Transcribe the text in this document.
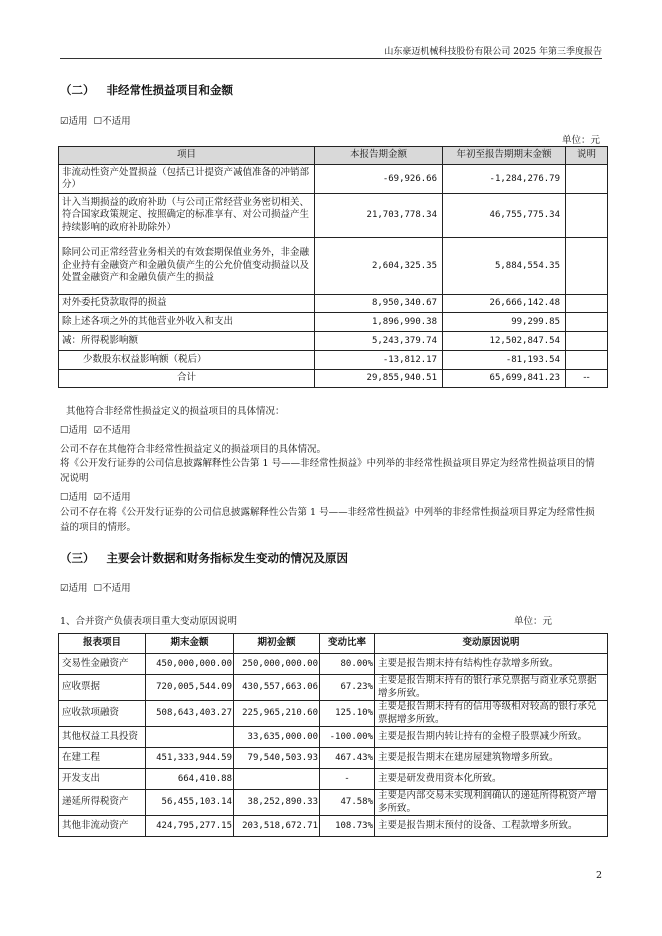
山东豪迈机械科技股份有限公司 2025 年第三季度报告
（二） 非经常性损益项目和金额
☑适用 ☐不适用
单位：元
项目	本报告期金额	年初至报告期期末金额	说明
非流动性资产处置损益（包括已计提资产减值准备的冲销部分）	-69,926.66	-1,284,276.79	
计入当期损益的政府补助（与公司正常经营业务密切相关、符合国家政策规定、按照确定的标准享有、对公司损益产生持续影响的政府补助除外）	21,703,778.34	46,755,775.34	
除同公司正常经营业务相关的有效套期保值业务外，非金融企业持有金融资产和金融负债产生的公允价值变动损益以及处置金融资产和金融负债产生的损益	2,604,325.35	5,884,554.35	
对外委托贷款取得的损益	8,950,340.67	26,666,142.48	
除上述各项之外的其他营业外收入和支出	1,896,990.38	99,299.85	
减：所得税影响额	5,243,379.74	12,502,847.54	
少数股东权益影响额（税后）	-13,812.17	-81,193.54	
合计	29,855,940.51	65,699,841.23	--
其他符合非经常性损益定义的损益项目的具体情况：
☐适用 ☑不适用
公司不存在其他符合非经常性损益定义的损益项目的具体情况。
将《公开发行证券的公司信息披露解释性公告第 1 号——非经常性损益》中列举的非经常性损益项目界定为经常性损益项目的情况说明
☐适用 ☑不适用
公司不存在将《公开发行证券的公司信息披露解释性公告第 1 号——非经常性损益》中列举的非经常性损益项目界定为经常性损益的项目的情形。
（三） 主要会计数据和财务指标发生变动的情况及原因
☑适用 ☐不适用
1、合并资产负债表项目重大变动原因说明	单位：元
报表项目	期末金额	期初金额	变动比率	变动原因说明
交易性金融资产	450,000,000.00	250,000,000.00	80.00%	主要是报告期末持有结构性存款增多所致。
应收票据	720,005,544.09	430,557,663.06	67.23%	主要是报告期末持有的银行承兑票据与商业承兑票据增多所致。
应收款项融资	508,643,403.27	225,965,210.60	125.10%	主要是报告期末持有的信用等级相对较高的银行承兑票据增多所致。
其他权益工具投资		33,635,000.00	-100.00%	主要是报告期内转让持有的金橙子股票减少所致。
在建工程	451,333,944.59	79,540,503.93	467.43%	主要是报告期末在建房屋建筑物增多所致。
开发支出	664,410.88		-	主要是研发费用资本化所致。
递延所得税资产	56,455,103.14	38,252,890.33	47.58%	主要是内部交易未实现利润确认的递延所得税资产增多所致。
其他非流动资产	424,795,277.15	203,518,672.71	108.73%	主要是报告期末预付的设备、工程款增多所致。
2
